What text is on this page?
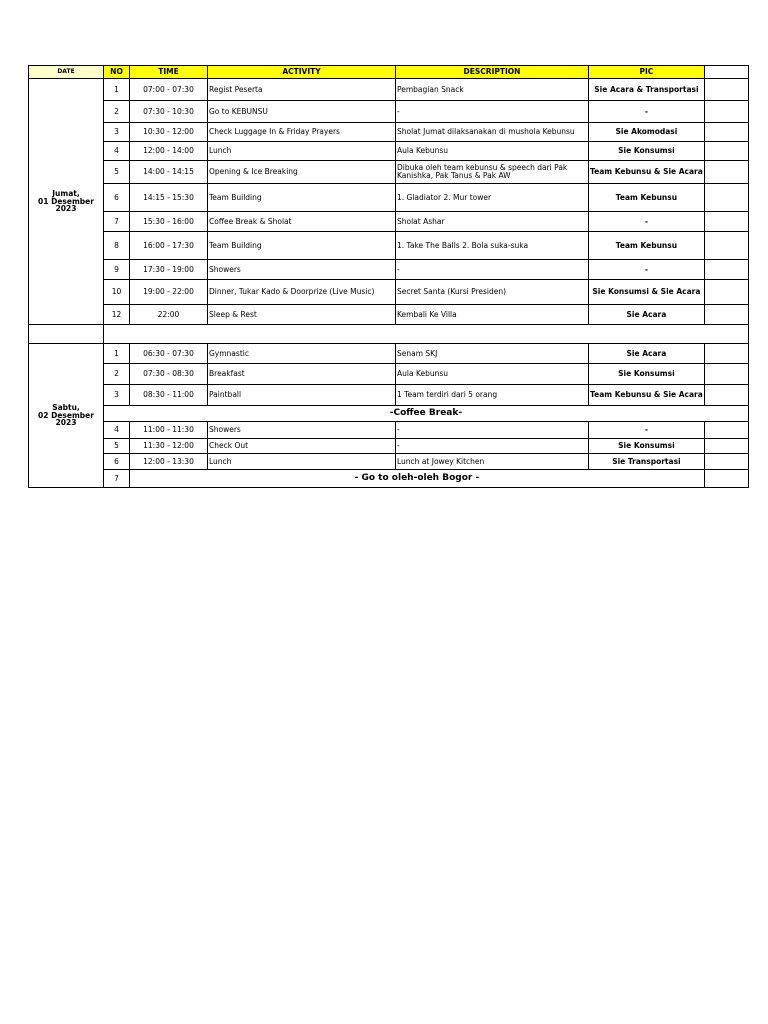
DATE	NO	TIME	ACTIVITY	DESCRIPTION	PIC	
Jumat,
01 Desember
2023	1	07:00 - 07:30	Regist Peserta	Pembagian Snack	Sie Acara & Transportasi	
	2	07:30 - 10:30	Go to KEBUNSU	-	-	
	3	10:30 - 12:00	Check Luggage In & Friday Prayers	Sholat Jumat dilaksanakan di mushola Kebunsu	Sie Akomodasi	
	4	12:00 - 14:00	Lunch	Aula Kebunsu	Sie Konsumsi	
	5	14:00 - 14:15	Opening & Ice Breaking	Dibuka oleh team kebunsu & speech dari Pak Kanishka, Pak Tanus & Pak AW	Team Kebunsu & Sie Acara	
	6	14:15 - 15:30	Team Building	1. Gladiator 2. Mur tower	Team Kebunsu	
	7	15:30 - 16:00	Coffee Break & Sholat	Sholat Ashar	-	
	8	16:00 - 17:30	Team Building	1. Take The Balls 2. Bola suka-suka	Team Kebunsu	
	9	17:30 - 19:00	Showers	-	-	
	10	19:00 - 22:00	Dinner, Tukar Kado & Doorprize (Live Music)	Secret Santa (Kursi Presiden)	Sie Konsumsi & Sie Acara	
	12	22:00	Sleep & Rest	Kembali Ke Villa	Sie Acara	

Sabtu,
02 Desember
2023	1	06:30 - 07:30	Gymnastic	Senam SKJ	Sie Acara	
	2	07:30 - 08:30	Breakfast	Aula Kebunsu	Sie Konsumsi	
	3	08:30 - 11:00	Paintball	1 Team terdiri dari 5 orang	Team Kebunsu & Sie Acara	
	-Coffee Break-					
	4	11:00 - 11:30	Showers	-	-	
	5	11:30 - 12:00	Check Out	-	Sie Konsumsi	
	6	12:00 - 13:30	Lunch	Lunch at Jowey Kitchen	Sie Transportasi	
	7	- Go to oleh-oleh Bogor -				
